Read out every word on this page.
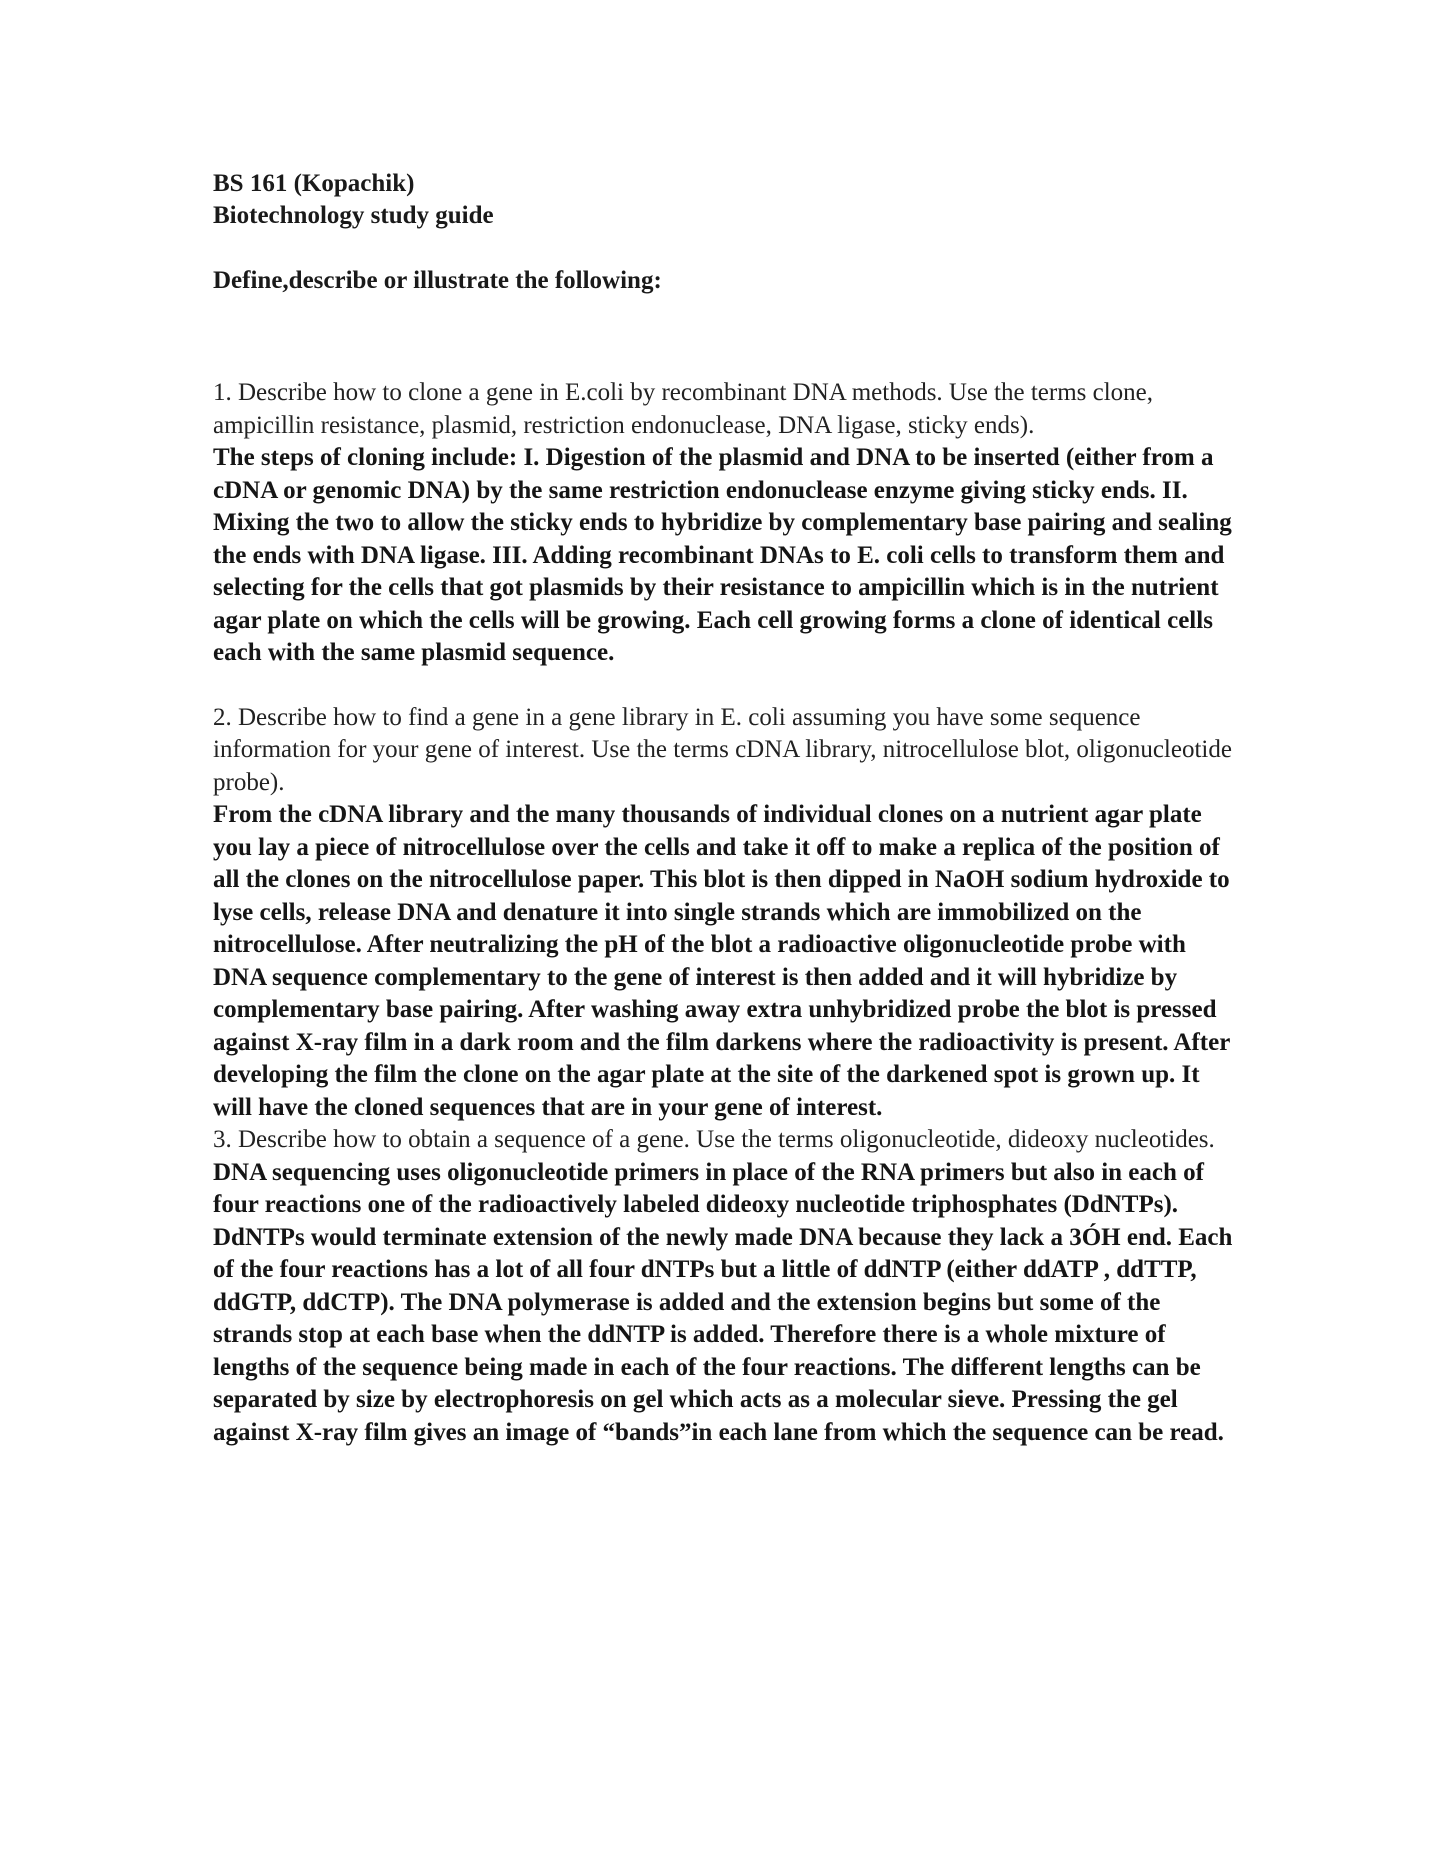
BS 161 (Kopachik)

Biotechnology study guide

Define,describe or illustrate the following:

1. Describe how to clone a gene in E.coli by recombinant DNA methods. Use the terms clone, ampicillin resistance, plasmid, restriction endonuclease, DNA ligase, sticky ends).

The steps of cloning include: I. Digestion of the plasmid and DNA to be inserted (either from a cDNA or genomic DNA) by the same restriction endonuclease enzyme giving sticky ends. II. Mixing the two to allow the sticky ends to hybridize by complementary base pairing and sealing the ends with DNA ligase. III. Adding recombinant DNAs to E. coli cells to transform them and selecting for the cells that got plasmids by their resistance to ampicillin which is in the nutrient agar plate on which the cells will be growing. Each cell growing forms a clone of identical cells each with the same plasmid sequence.

2. Describe how to find a gene in a gene library in E. coli assuming you have some sequence information for your gene of interest. Use the terms cDNA library, nitrocellulose blot, oligonucleotide probe).

From the cDNA library and the many thousands of individual clones on a nutrient agar plate you lay a piece of nitrocellulose over the cells and take it off to make a replica of the position of all the clones on the nitrocellulose paper. This blot is then dipped in NaOH sodium hydroxide to lyse cells, release DNA and denature it into single strands which are immobilized on the nitrocellulose. After neutralizing the pH of the blot a radioactive oligonucleotide probe with DNA sequence complementary to the gene of interest is then added and it will hybridize by complementary base pairing. After washing away extra unhybridized probe the blot is pressed against X-ray film in a dark room and the film darkens where the radioactivity is present. After developing the film the clone on the agar plate at the site of the darkened spot is grown up. It will have the cloned sequences that are in your gene of interest.

3. Describe how to obtain a sequence of a gene. Use the terms oligonucleotide, dideoxy nucleotides.

DNA sequencing uses oligonucleotide primers in place of the RNA primers but also in each of four reactions one of the radioactively labeled dideoxy nucleotide triphosphates (DdNTPs). DdNTPs would terminate extension of the newly made DNA because they lack a 3ÓH end. Each of the four reactions has a lot of all four dNTPs but a little of ddNTP (either ddATP , ddTTP, ddGTP, ddCTP). The DNA polymerase is added and the extension begins but some of the strands stop at each base when the ddNTP is added. Therefore there is a whole mixture of lengths of the sequence being made in each of the four reactions. The different lengths can be separated by size by electrophoresis on gel which acts as a molecular sieve. Pressing the gel against X-ray film gives an image of “bands”in each lane from which the sequence can be read.
